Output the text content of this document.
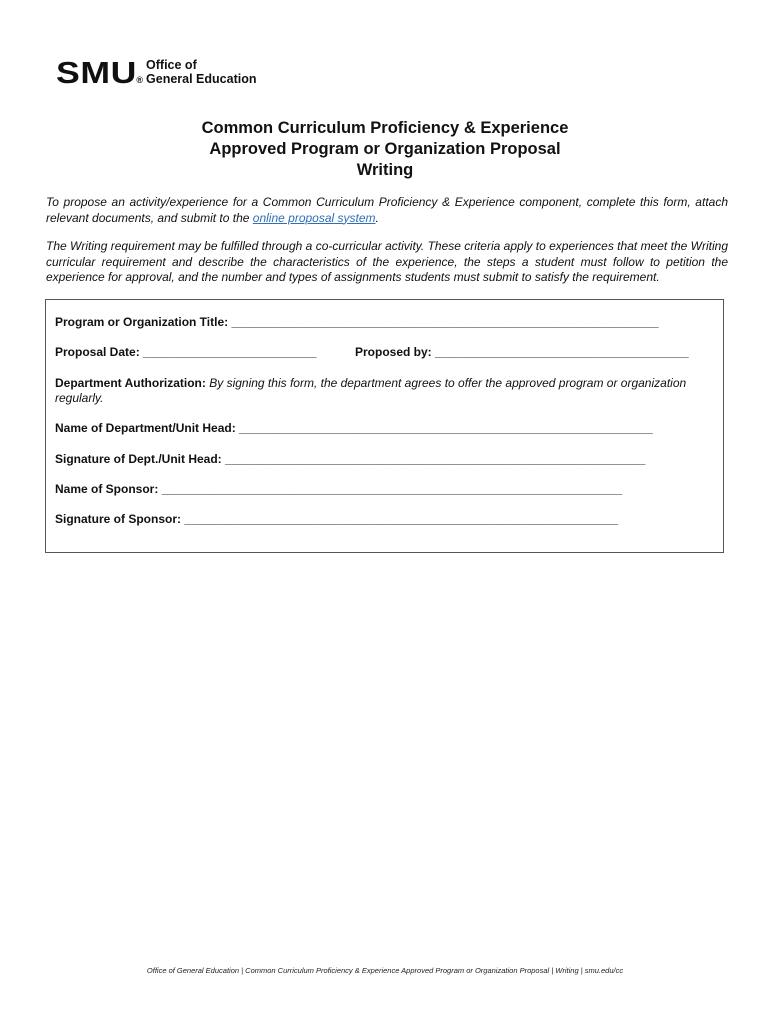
SMU ®
Office of
General Education
Common Curriculum Proficiency & Experience
Approved Program or Organization Proposal
Writing
To propose an activity/experience for a Common Curriculum Proficiency & Experience component, complete this form, attach relevant documents, and submit to the online proposal system.
The Writing requirement may be fulfilled through a co-curricular activity. These criteria apply to experiences that meet the Writing curricular requirement and describe the characteristics of the experience, the steps a student must follow to petition the experience for approval, and the number and types of assignments students must submit to satisfy the requirement.
Program or Organization Title: ________________________________________________________________
Proposal Date: __________________________	Proposed by: ______________________________________
Department Authorization: By signing this form, the department agrees to offer the approved program or organization regularly.
Name of Department/Unit Head: ______________________________________________________________
Signature of Dept./Unit Head: _______________________________________________________________
Name of Sponsor: _____________________________________________________________________
Signature of Sponsor: _________________________________________________________________
Office of General Education | Common Curriculum Proficiency & Experience Approved Program or Organization Proposal | Writing | smu.edu/cc
